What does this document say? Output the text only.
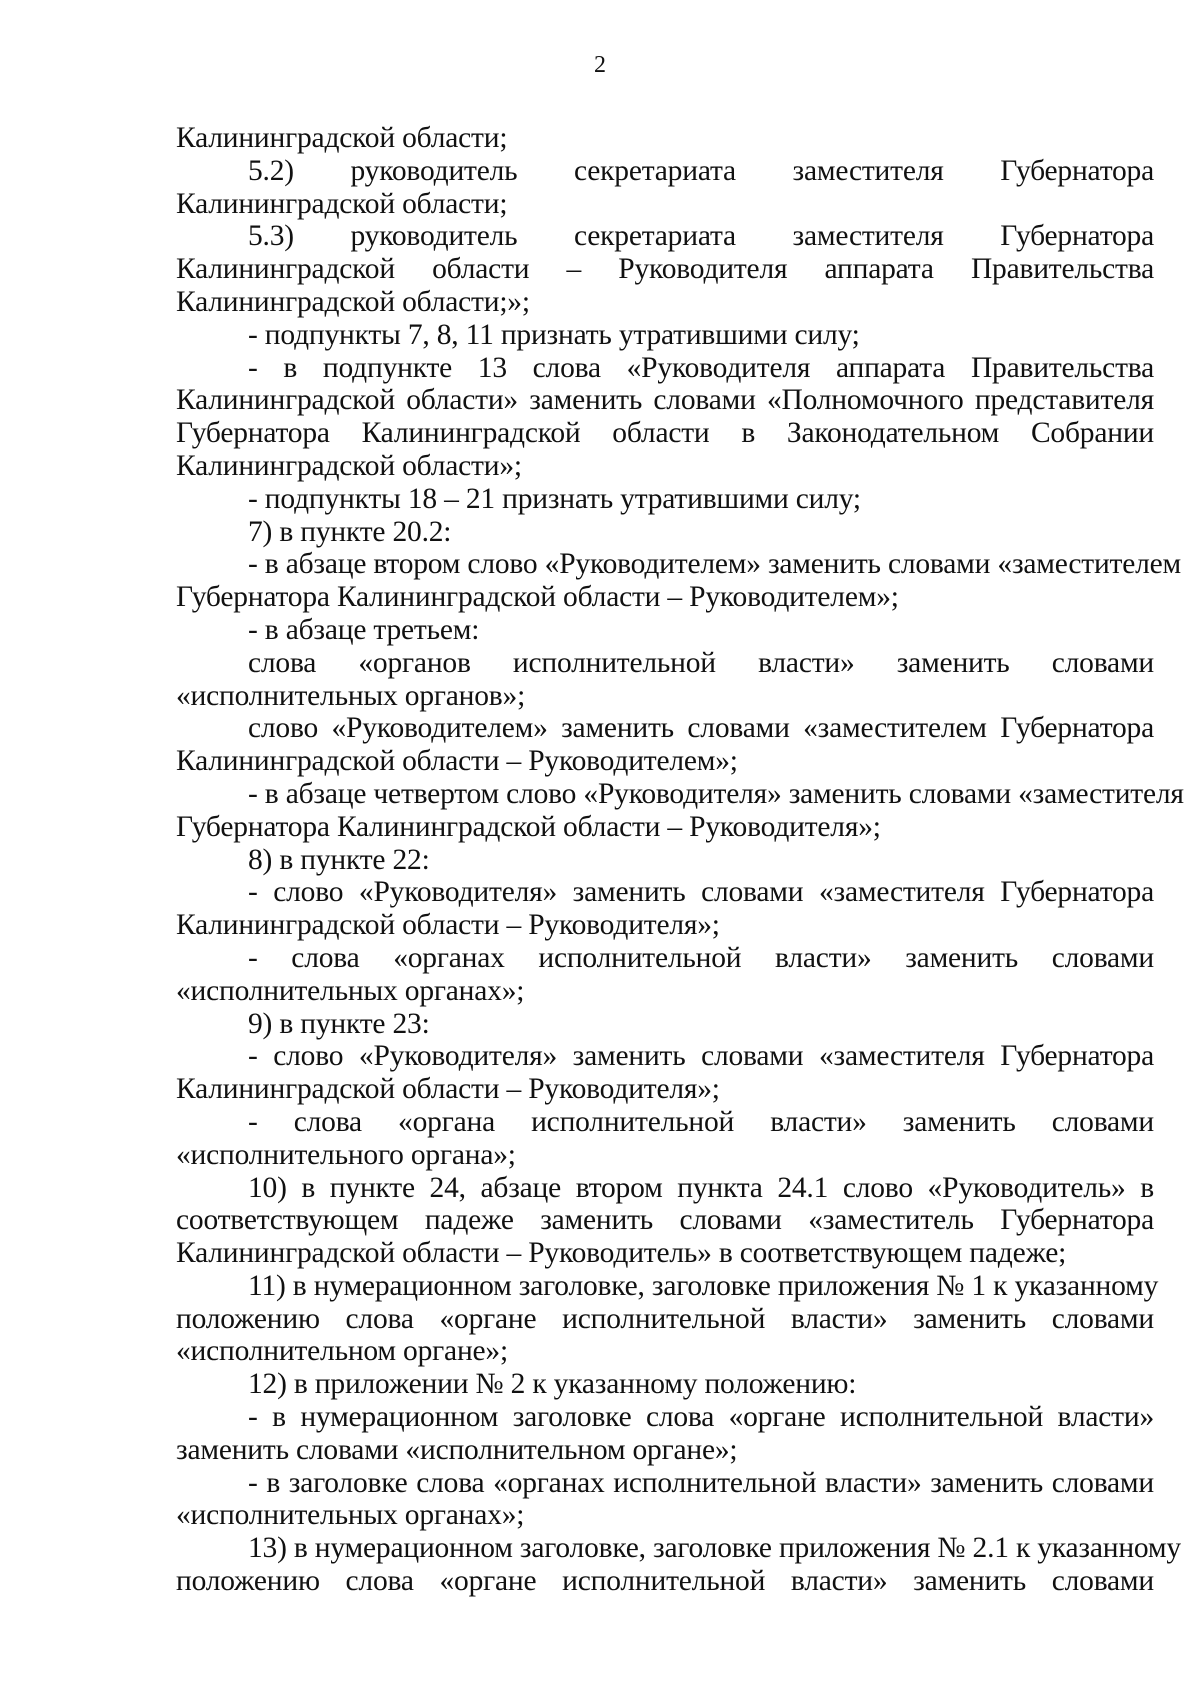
2
Калининградской области;
5.2) руководитель секретариата заместителя Губернатора
Калининградской области;
5.3) руководитель секретариата заместителя Губернатора
Калининградской области – Руководителя аппарата Правительства
Калининградской области;»;
- подпункты 7, 8, 11 признать утратившими силу;
- в подпункте 13 слова «Руководителя аппарата Правительства
Калининградской области» заменить словами «Полномочного представителя
Губернатора Калининградской области в Законодательном Собрании
Калининградской области»;
- подпункты 18 – 21 признать утратившими силу;
7) в пункте 20.2:
- в абзаце втором слово «Руководителем» заменить словами «заместителем
Губернатора Калининградской области – Руководителем»;
- в абзаце третьем:
слова «органов исполнительной власти» заменить словами
«исполнительных органов»;
слово «Руководителем» заменить словами «заместителем Губернатора
Калининградской области – Руководителем»;
- в абзаце четвертом слово «Руководителя» заменить словами «заместителя
Губернатора Калининградской области – Руководителя»;
8) в пункте 22:
- слово «Руководителя» заменить словами «заместителя Губернатора
Калининградской области – Руководителя»;
- слова «органах исполнительной власти» заменить словами
«исполнительных органах»;
9) в пункте 23:
- слово «Руководителя» заменить словами «заместителя Губернатора
Калининградской области – Руководителя»;
- слова «органа исполнительной власти» заменить словами
«исполнительного органа»;
10) в пункте 24, абзаце втором пункта 24.1 слово «Руководитель» в
соответствующем падеже заменить словами «заместитель Губернатора
Калининградской области – Руководитель» в соответствующем падеже;
11) в нумерационном заголовке, заголовке приложения № 1 к указанному
положению слова «органе исполнительной власти» заменить словами
«исполнительном органе»;
12) в приложении № 2 к указанному положению:
- в нумерационном заголовке слова «органе исполнительной власти»
заменить словами «исполнительном органе»;
- в заголовке слова «органах исполнительной власти» заменить словами
«исполнительных органах»;
13) в нумерационном заголовке, заголовке приложения № 2.1 к указанному
положению слова «органе исполнительной власти» заменить словами
